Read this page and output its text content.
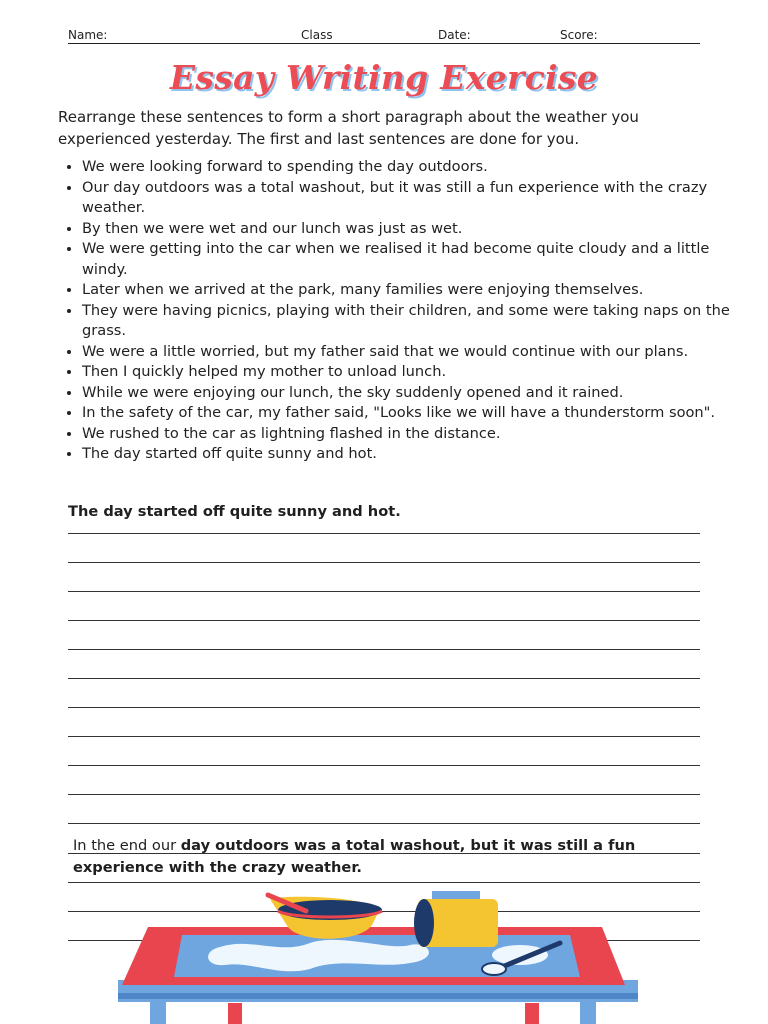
Name:	Class	Date:	Score:
Essay Writing Exercise
Rearrange these sentences to form a short paragraph about the weather you experienced yesterday. The first and last sentences are done for you.
• We were looking forward to spending the day outdoors.
• Our day outdoors was a total washout, but it was still a fun experience with the crazy weather.
• By then we were wet and our lunch was just as wet.
• We were getting into the car when we realised it had become quite cloudy and a little windy.
• Later when we arrived at the park, many families were enjoying themselves.
• They were having picnics, playing with their children, and some were taking naps on the grass.
• We were a little worried, but my father said that we would continue with our plans.
• Then I quickly helped my mother to unload lunch.
• While we were enjoying our lunch, the sky suddenly opened and it rained.
• In the safety of the car, my father said, "Looks like we will have a thunderstorm soon".
• We rushed to the car as lightning flashed in the distance.
• The day started off quite sunny and hot.
The day started off quite sunny and hot.
In the end our day outdoors was a total washout, but it was still a fun experience with the crazy weather.
